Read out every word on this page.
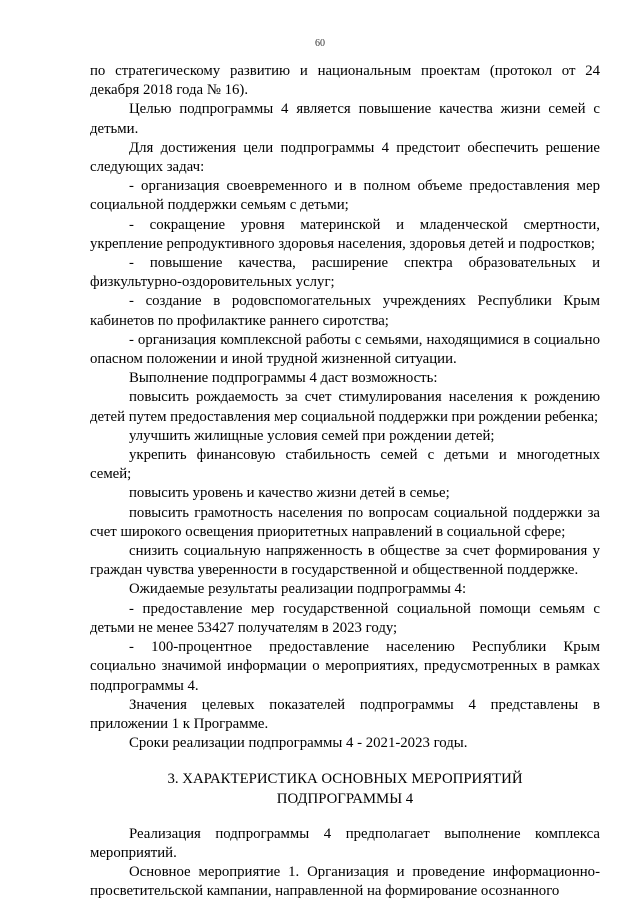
60

по стратегическому развитию и национальным проектам (протокол от 24 декабря 2018 года № 16).

Целью подпрограммы 4 является повышение качества жизни семей с детьми.

Для достижения цели подпрограммы 4 предстоит обеспечить решение следующих задач:

- организация своевременного и в полном объеме предоставления мер социальной поддержки семьям с детьми;

- сокращение уровня материнской и младенческой смертности, укрепление репродуктивного здоровья населения, здоровья детей и подростков;

- повышение качества, расширение спектра образовательных и физкультурно-оздоровительных услуг;

- создание в родовспомогательных учреждениях Республики Крым кабинетов по профилактике раннего сиротства;

- организация комплексной работы с семьями, находящимися в социально опасном положении и иной трудной жизненной ситуации.

Выполнение подпрограммы 4 даст возможность:

повысить рождаемость за счет стимулирования населения к рождению детей путем предоставления мер социальной поддержки при рождении ребенка;

улучшить жилищные условия семей при рождении детей;

укрепить финансовую стабильность семей с детьми и многодетных семей;

повысить уровень и качество жизни детей в семье;

повысить грамотность населения по вопросам социальной поддержки за счет широкого освещения приоритетных направлений в социальной сфере;

снизить социальную напряженность в обществе за счет формирования у граждан чувства уверенности в государственной и общественной поддержке.

Ожидаемые результаты реализации подпрограммы 4:

- предоставление мер государственной социальной помощи семьям с детьми не менее 53427 получателям в 2023 году;

- 100-процентное предоставление населению Республики Крым социально значимой информации о мероприятиях, предусмотренных в рамках подпрограммы 4.

Значения целевых показателей подпрограммы 4 представлены в приложении 1 к Программе.

Сроки реализации подпрограммы 4 - 2021-2023 годы.

3. ХАРАКТЕРИСТИКА ОСНОВНЫХ МЕРОПРИЯТИЙ
ПОДПРОГРАММЫ 4

Реализация подпрограммы 4 предполагает выполнение комплекса мероприятий.

Основное мероприятие 1. Организация и проведение информационно-просветительской кампании, направленной на формирование осознанного
